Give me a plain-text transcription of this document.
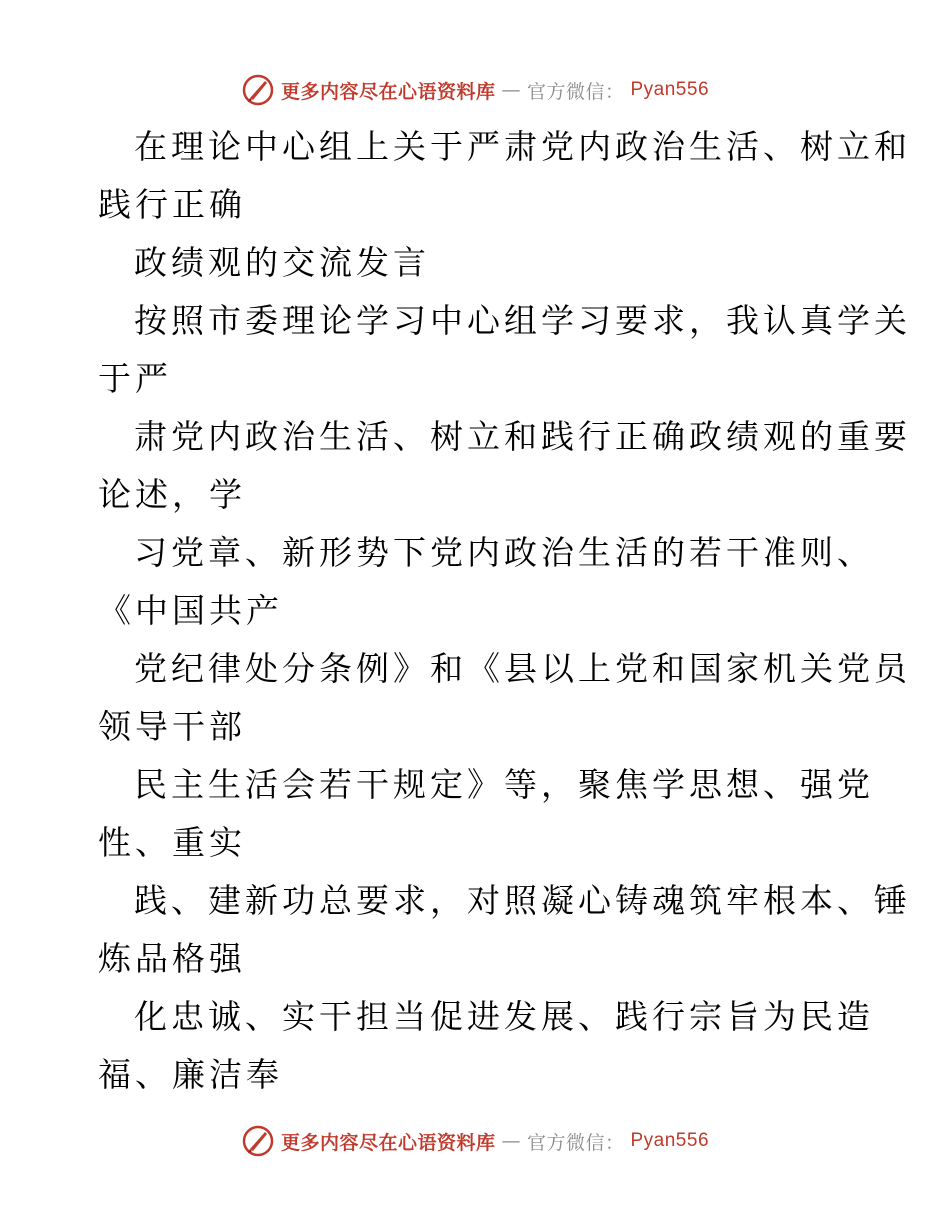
更多内容尽在心语资料库 — 官方微信： Pyan556
在理论中心组上关于严肃党内政治生活、树立和
践行正确
政绩观的交流发言
按照市委理论学习中心组学习要求，我认真学关
于严
肃党内政治生活、树立和践行正确政绩观的重要
论述，学
习党章、新形势下党内政治生活的若干准则、
《中国共产
党纪律处分条例》和《县以上党和国家机关党员
领导干部
民主生活会若干规定》等，聚焦学思想、强党
性、重实
践、建新功总要求，对照凝心铸魂筑牢根本、锤
炼品格强
化忠诚、实干担当促进发展、践行宗旨为民造
福、廉洁奉
更多内容尽在心语资料库 — 官方微信： Pyan556
